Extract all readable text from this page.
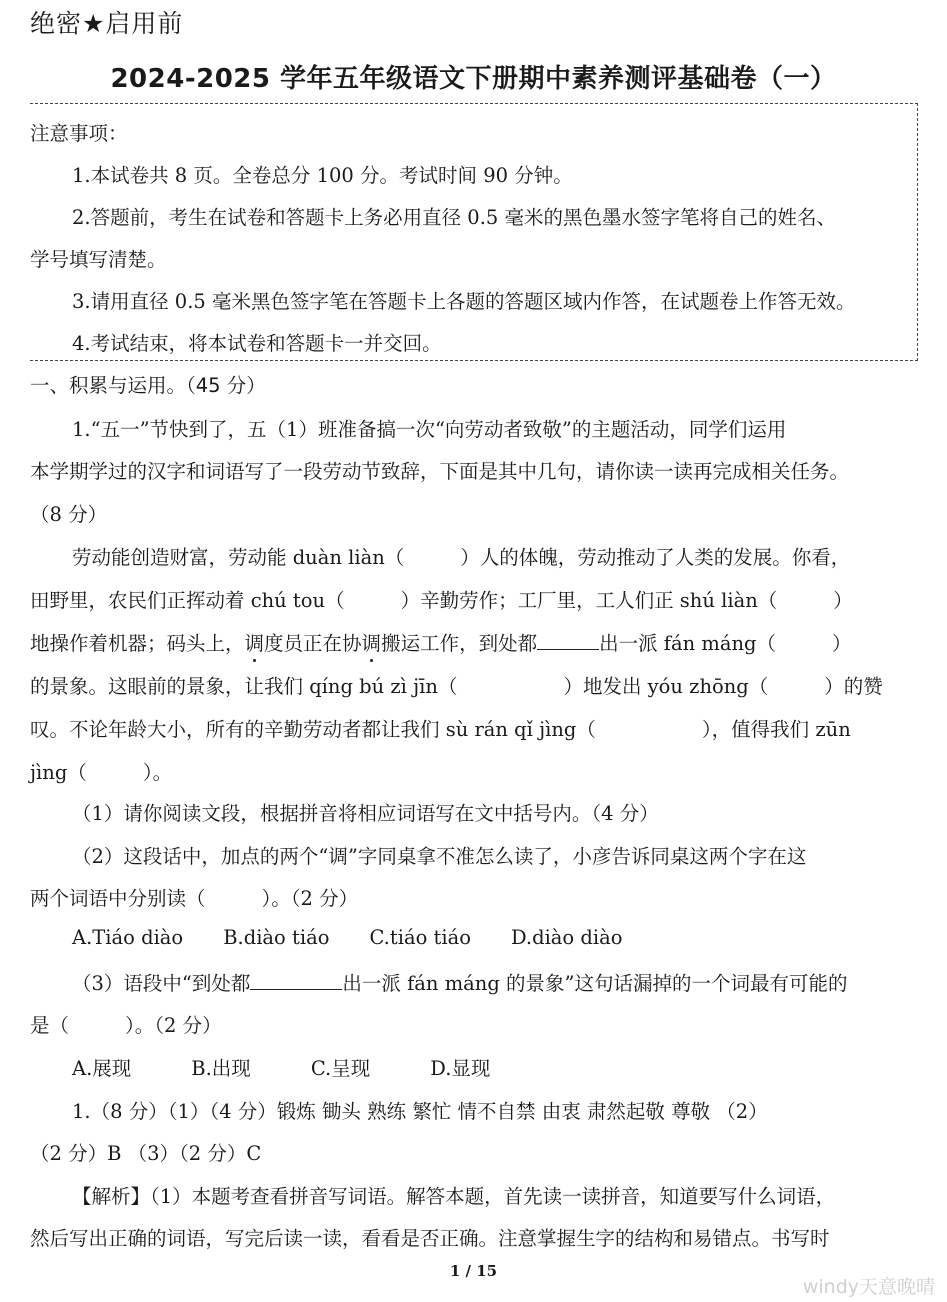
绝密★启用前
2024-2025 学年五年级语文下册期中素养测评基础卷（一）
注意事项：
1.本试卷共 8 页。全卷总分 100 分。考试时间 90 分钟。
2.答题前，考生在试卷和答题卡上务必用直径 0.5 毫米的黑色墨水签字笔将自己的姓名、
学号填写清楚。
3.请用直径 0.5 毫米黑色签字笔在答题卡上各题的答题区域内作答，在试题卷上作答无效。
4.考试结束，将本试卷和答题卡一并交回。
一、积累与运用。（45 分）
1.“五一”节快到了，五（1）班准备搞一次“向劳动者致敬”的主题活动，同学们运用
本学期学过的汉字和词语写了一段劳动节致辞，下面是其中几句，请你读一读再完成相关任务。
（8 分）
劳动能创造财富，劳动能 duàn liàn（	）人的体魄，劳动推动了人类的发展。你看，
田野里，农民们正挥动着 chú tou（	）辛勤劳作；工厂里，工人们正 shú liàn（	）
地操作着机器；码头上，调度员正在协调搬运工作，到处都	出一派 fán máng（	）
的景象。这眼前的景象，让我们 qíng bú zì jīn（	）地发出 yóu zhōng（	）的赞
叹。不论年龄大小，所有的辛勤劳动者都让我们 sù rán qǐ jìng（	），值得我们 zūn
jìng（	）。
（1）请你阅读文段，根据拼音将相应词语写在文中括号内。（4 分）
（2）这段话中，加点的两个“调”字同桌拿不准怎么读了，小彦告诉同桌这两个字在这
两个词语中分别读（	）。（2 分）
A.Tiáo diào B.diào tiáo C.tiáo tiáo D.diào diào
（3）语段中“到处都	出一派 fán máng 的景象”这句话漏掉的一个词最有可能的
是（	）。（2 分）
A.展现	B.出现	C.呈现	D.显现
1.（8 分）（1）（4 分）锻炼 锄头 熟练 繁忙 情不自禁 由衷 肃然起敬 尊敬 （2）
（2 分）B （3）（2 分）C
【解析】（1）本题考查看拼音写词语。解答本题，首先读一读拼音，知道要写什么词语，
然后写出正确的词语，写完后读一读，看看是否正确。注意掌握生字的结构和易错点。书写时
1 / 15
windy天意晚晴
